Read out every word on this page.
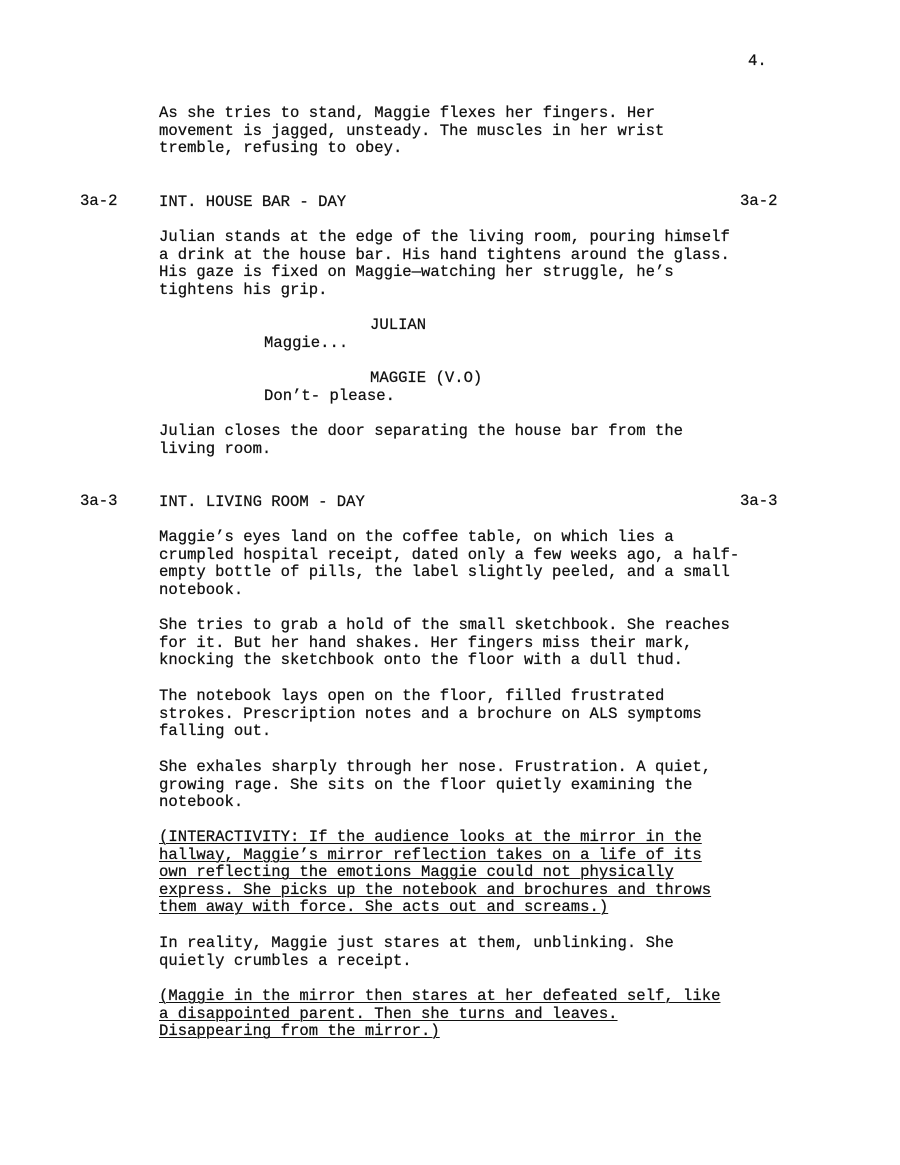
4.
As she tries to stand, Maggie flexes her fingers. Her
movement is jagged, unsteady. The muscles in her wrist
tremble, refusing to obey.
3a-2	INT. HOUSE BAR - DAY	3a-2
Julian stands at the edge of the living room, pouring himself
a drink at the house bar. His hand tightens around the glass.
His gaze is fixed on Maggie—watching her struggle, he’s
tightens his grip.
JULIAN
Maggie...
MAGGIE (V.O)
Don’t- please.
Julian closes the door separating the house bar from the
living room.
3a-3	INT. LIVING ROOM - DAY	3a-3
Maggie’s eyes land on the coffee table, on which lies a
crumpled hospital receipt, dated only a few weeks ago, a half-
empty bottle of pills, the label slightly peeled, and a small
notebook.
She tries to grab a hold of the small sketchbook. She reaches
for it. But her hand shakes. Her fingers miss their mark,
knocking the sketchbook onto the floor with a dull thud.
The notebook lays open on the floor, filled frustrated
strokes. Prescription notes and a brochure on ALS symptoms
falling out.
She exhales sharply through her nose. Frustration. A quiet,
growing rage. She sits on the floor quietly examining the
notebook.
(INTERACTIVITY: If the audience looks at the mirror in the
hallway, Maggie’s mirror reflection takes on a life of its
own reflecting the emotions Maggie could not physically
express. She picks up the notebook and brochures and throws
them away with force. She acts out and screams.)
In reality, Maggie just stares at them, unblinking. She
quietly crumbles a receipt.
(Maggie in the mirror then stares at her defeated self, like
a disappointed parent. Then she turns and leaves.
Disappearing from the mirror.)
